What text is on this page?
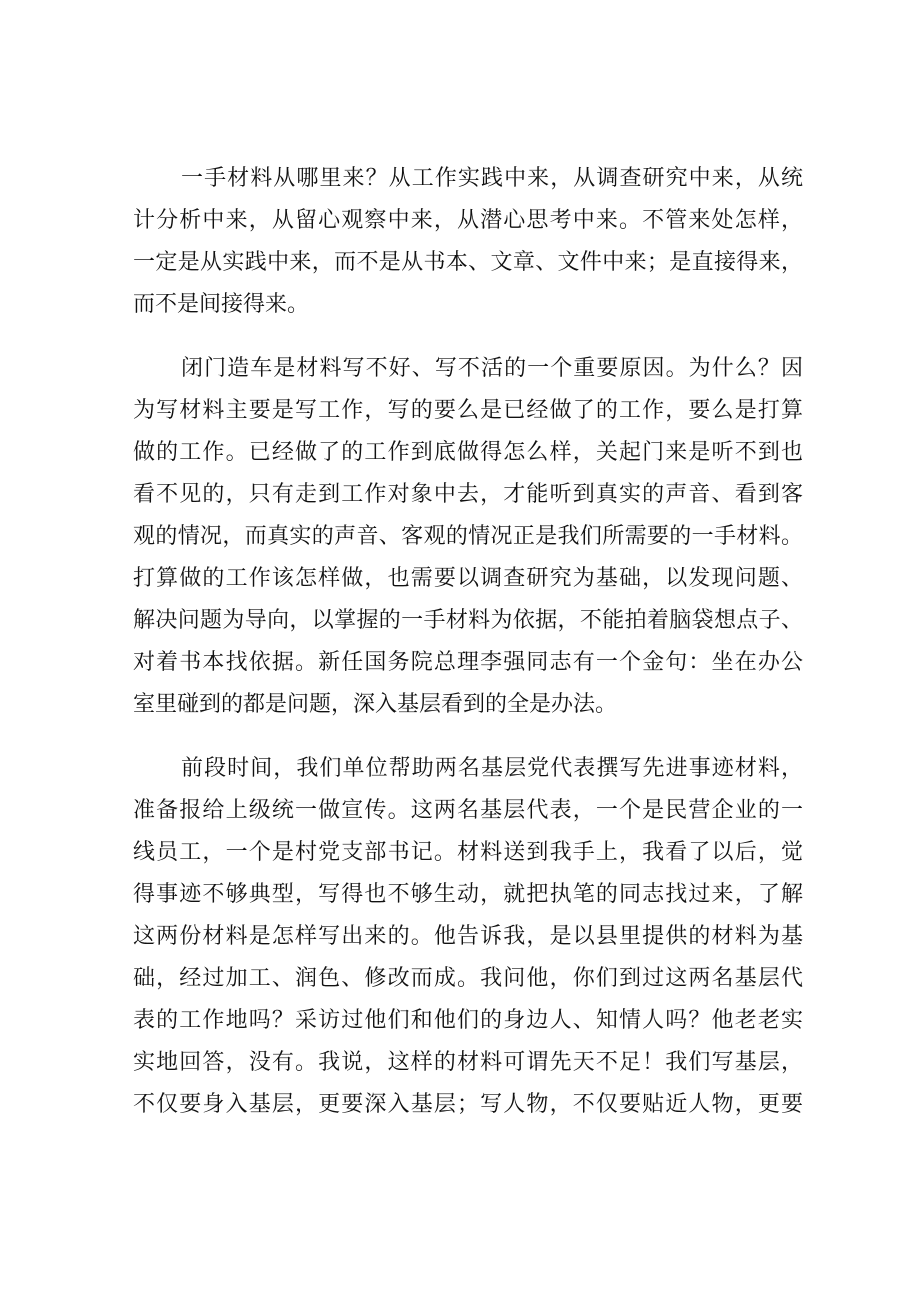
一手材料从哪里来？从工作实践中来，从调查研究中来，从统
计分析中来，从留心观察中来，从潜心思考中来。不管来处怎样，
一定是从实践中来，而不是从书本、文章、文件中来；是直接得来，
而不是间接得来。
闭门造车是材料写不好、写不活的一个重要原因。为什么？因
为写材料主要是写工作，写的要么是已经做了的工作，要么是打算
做的工作。已经做了的工作到底做得怎么样，关起门来是听不到也
看不见的，只有走到工作对象中去，才能听到真实的声音、看到客
观的情况，而真实的声音、客观的情况正是我们所需要的一手材料。
打算做的工作该怎样做，也需要以调查研究为基础，以发现问题、
解决问题为导向，以掌握的一手材料为依据，不能拍着脑袋想点子、
对着书本找依据。新任国务院总理李强同志有一个金句：坐在办公
室里碰到的都是问题，深入基层看到的全是办法。
前段时间，我们单位帮助两名基层党代表撰写先进事迹材料，
准备报给上级统一做宣传。这两名基层代表，一个是民营企业的一
线员工，一个是村党支部书记。材料送到我手上，我看了以后，觉
得事迹不够典型，写得也不够生动，就把执笔的同志找过来，了解
这两份材料是怎样写出来的。他告诉我，是以县里提供的材料为基
础，经过加工、润色、修改而成。我问他，你们到过这两名基层代
表的工作地吗？采访过他们和他们的身边人、知情人吗？他老老实
实地回答，没有。我说，这样的材料可谓先天不足！我们写基层，
不仅要身入基层，更要深入基层；写人物，不仅要贴近人物，更要
